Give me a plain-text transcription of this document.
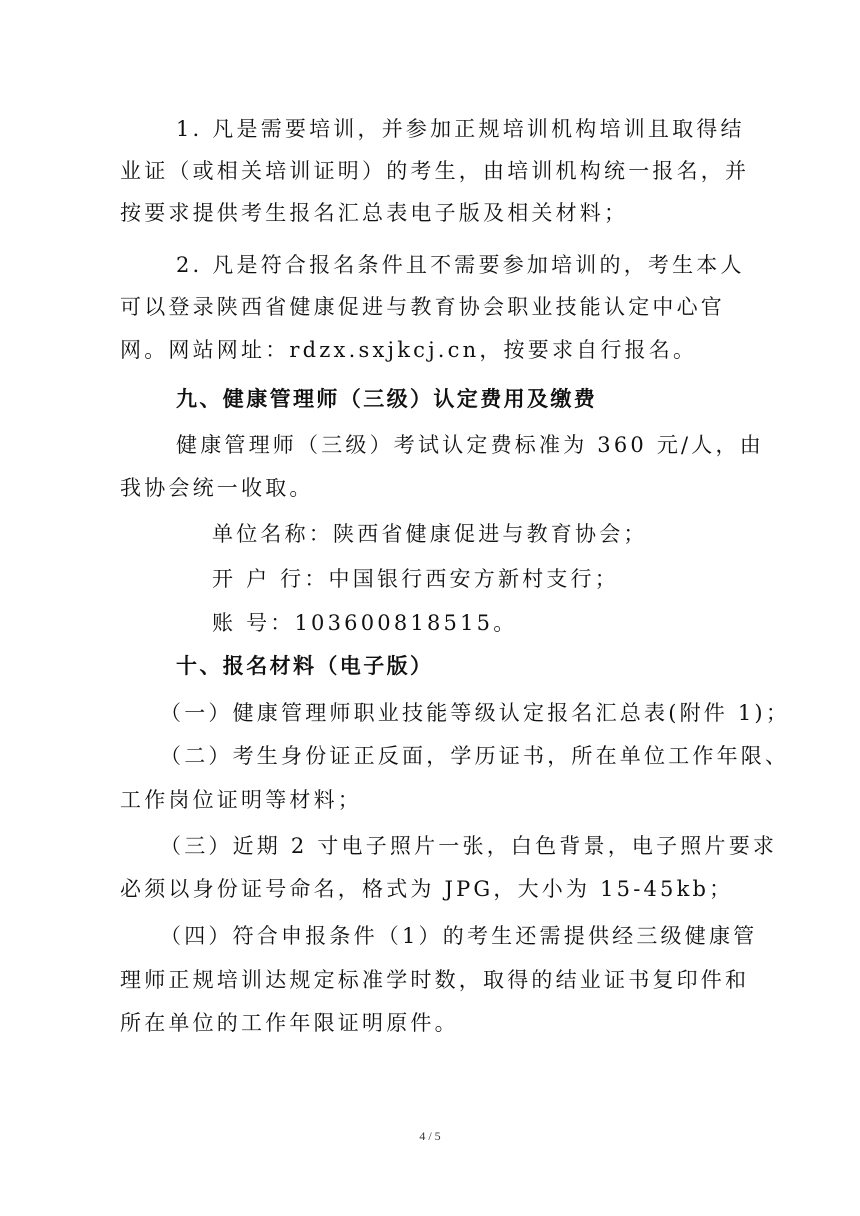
1. 凡是需要培训，并参加正规培训机构培训且取得结
业证（或相关培训证明）的考生，由培训机构统一报名，并
按要求提供考生报名汇总表电子版及相关材料；
2. 凡是符合报名条件且不需要参加培训的，考生本人
可以登录陕西省健康促进与教育协会职业技能认定中心官
网。网站网址：rdzx.sxjkcj.cn，按要求自行报名。
九、健康管理师（三级）认定费用及缴费
健康管理师（三级）考试认定费标准为 360 元/人，由
我协会统一收取。
单位名称：陕西省健康促进与教育协会；
开 户 行：中国银行西安方新村支行；
账 号：103600818515。
十、报名材料（电子版）
（一）健康管理师职业技能等级认定报名汇总表(附件 1)；
（二）考生身份证正反面，学历证书，所在单位工作年限、
工作岗位证明等材料；
（三）近期 2 寸电子照片一张，白色背景，电子照片要求
必须以身份证号命名，格式为 JPG，大小为 15-45kb；
（四）符合申报条件（1）的考生还需提供经三级健康管
理师正规培训达规定标准学时数，取得的结业证书复印件和
所在单位的工作年限证明原件。
4 / 5
